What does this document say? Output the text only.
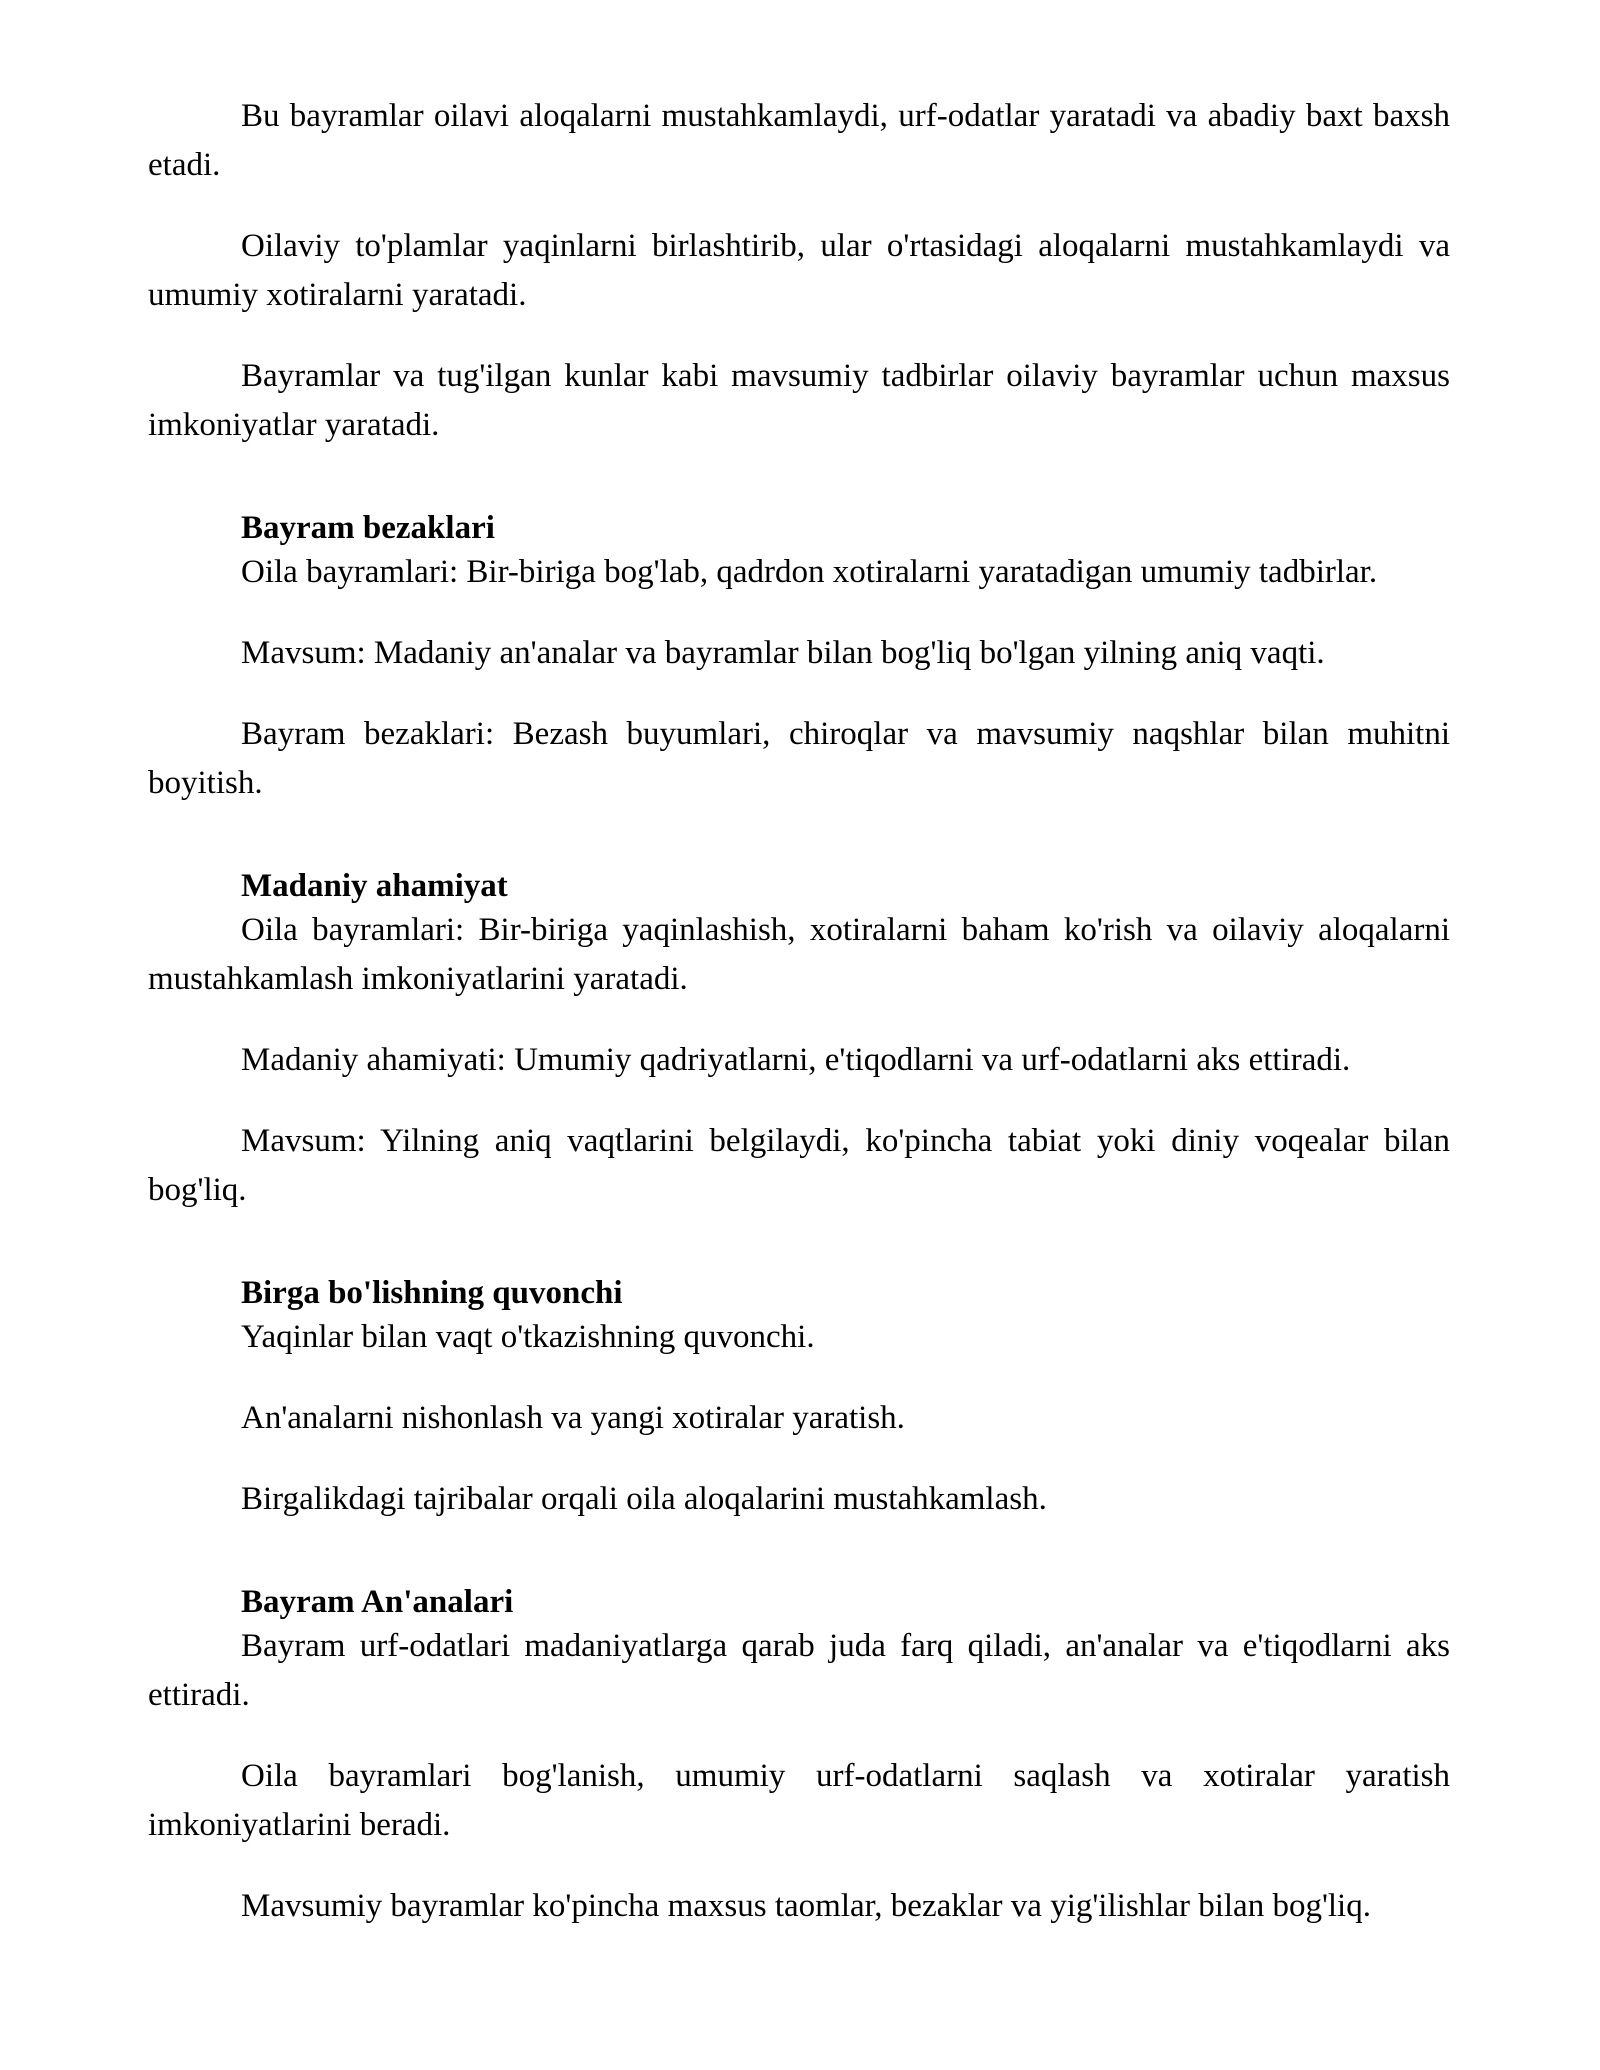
Bu bayramlar oilavi aloqalarni mustahkamlaydi, urf-odatlar yaratadi va abadiy baxt baxsh etadi.

Oilaviy to'plamlar yaqinlarni birlashtirib, ular o'rtasidagi aloqalarni mustahkamlaydi va umumiy xotiralarni yaratadi.

Bayramlar va tug'ilgan kunlar kabi mavsumiy tadbirlar oilaviy bayramlar uchun maxsus imkoniyatlar yaratadi.

Bayram bezaklari

Oila bayramlari: Bir-biriga bog'lab, qadrdon xotiralarni yaratadigan umumiy tadbirlar.

Mavsum: Madaniy an'analar va bayramlar bilan bog'liq bo'lgan yilning aniq vaqti.

Bayram bezaklari: Bezash buyumlari, chiroqlar va mavsumiy naqshlar bilan muhitni boyitish.

Madaniy ahamiyat

Oila bayramlari: Bir-biriga yaqinlashish, xotiralarni baham ko'rish va oilaviy aloqalarni mustahkamlash imkoniyatlarini yaratadi.

Madaniy ahamiyati: Umumiy qadriyatlarni, e'tiqodlarni va urf-odatlarni aks ettiradi.

Mavsum: Yilning aniq vaqtlarini belgilaydi, ko'pincha tabiat yoki diniy voqealar bilan bog'liq.

Birga bo'lishning quvonchi

Yaqinlar bilan vaqt o'tkazishning quvonchi.

An'analarni nishonlash va yangi xotiralar yaratish.

Birgalikdagi tajribalar orqali oila aloqalarini mustahkamlash.

Bayram An'analari

Bayram urf-odatlari madaniyatlarga qarab juda farq qiladi, an'analar va e'tiqodlarni aks ettiradi.

Oila bayramlari bog'lanish, umumiy urf-odatlarni saqlash va xotiralar yaratish imkoniyatlarini beradi.

Mavsumiy bayramlar ko'pincha maxsus taomlar, bezaklar va yig'ilishlar bilan bog'liq.
